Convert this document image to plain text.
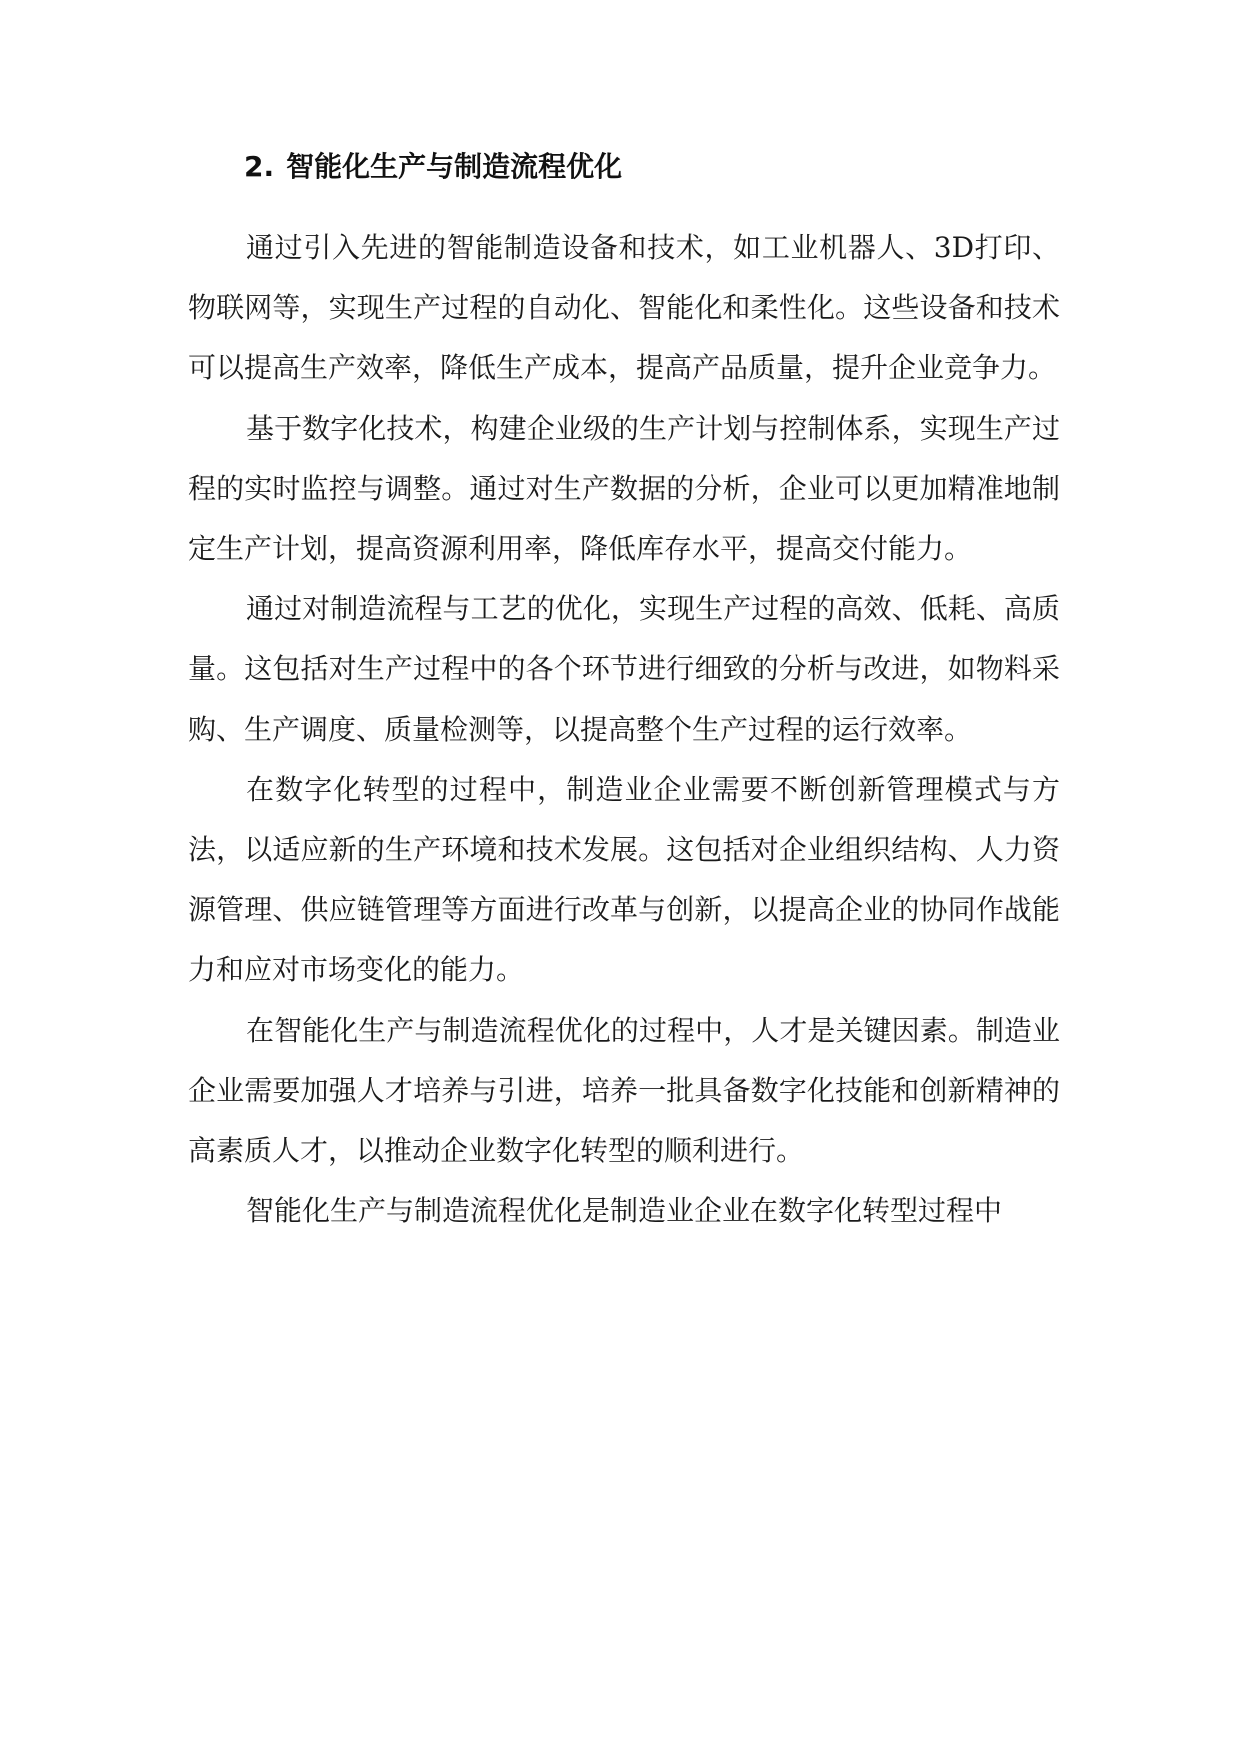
2. 智能化生产与制造流程优化

通过引入先进的智能制造设备和技术，如工业机器人、3D打印、物联网等，实现生产过程的自动化、智能化和柔性化。这些设备和技术可以提高生产效率，降低生产成本，提高产品质量，提升企业竞争力。

基于数字化技术，构建企业级的生产计划与控制体系，实现生产过程的实时监控与调整。通过对生产数据的分析，企业可以更加精准地制定生产计划，提高资源利用率，降低库存水平，提高交付能力。

通过对制造流程与工艺的优化，实现生产过程的高效、低耗、高质量。这包括对生产过程中的各个环节进行细致的分析与改进，如物料采购、生产调度、质量检测等，以提高整个生产过程的运行效率。

在数字化转型的过程中，制造业企业需要不断创新管理模式与方法，以适应新的生产环境和技术发展。这包括对企业组织结构、人力资源管理、供应链管理等方面进行改革与创新，以提高企业的协同作战能力和应对市场变化的能力。

在智能化生产与制造流程优化的过程中，人才是关键因素。制造业企业需要加强人才培养与引进，培养一批具备数字化技能和创新精神的高素质人才，以推动企业数字化转型的顺利进行。

智能化生产与制造流程优化是制造业企业在数字化转型过程中
